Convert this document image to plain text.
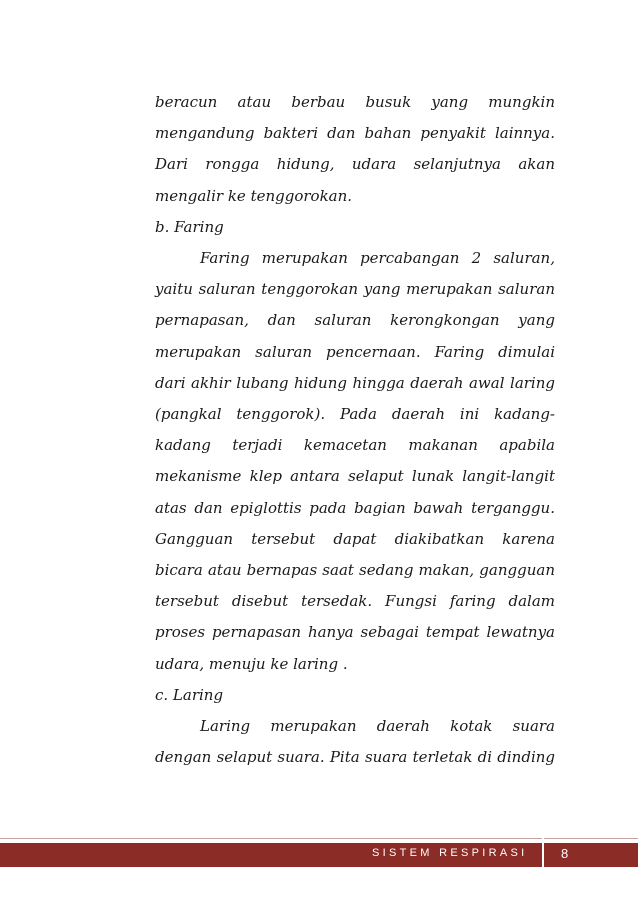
beracun atau berbau busuk yang mungkin
mengandung bakteri dan bahan penyakit lainnya.
Dari rongga hidung, udara selanjutnya akan
mengalir ke tenggorokan.
b. Faring
Faring merupakan percabangan 2 saluran,
yaitu saluran tenggorokan yang merupakan saluran
pernapasan, dan saluran kerongkongan yang
merupakan saluran pencernaan. Faring dimulai
dari akhir lubang hidung hingga daerah awal laring
(pangkal tenggorok). Pada daerah ini kadang-
kadang terjadi kemacetan makanan apabila
mekanisme klep antara selaput lunak langit-langit
atas dan epiglottis pada bagian bawah terganggu.
Gangguan tersebut dapat diakibatkan karena
bicara atau bernapas saat sedang makan, gangguan
tersebut disebut tersedak. Fungsi faring dalam
proses pernapasan hanya sebagai tempat lewatnya
udara, menuju ke laring .
c. Laring
Laring merupakan daerah kotak suara
dengan selaput suara. Pita suara terletak di dinding
SISTEM RESPIRASI	8
